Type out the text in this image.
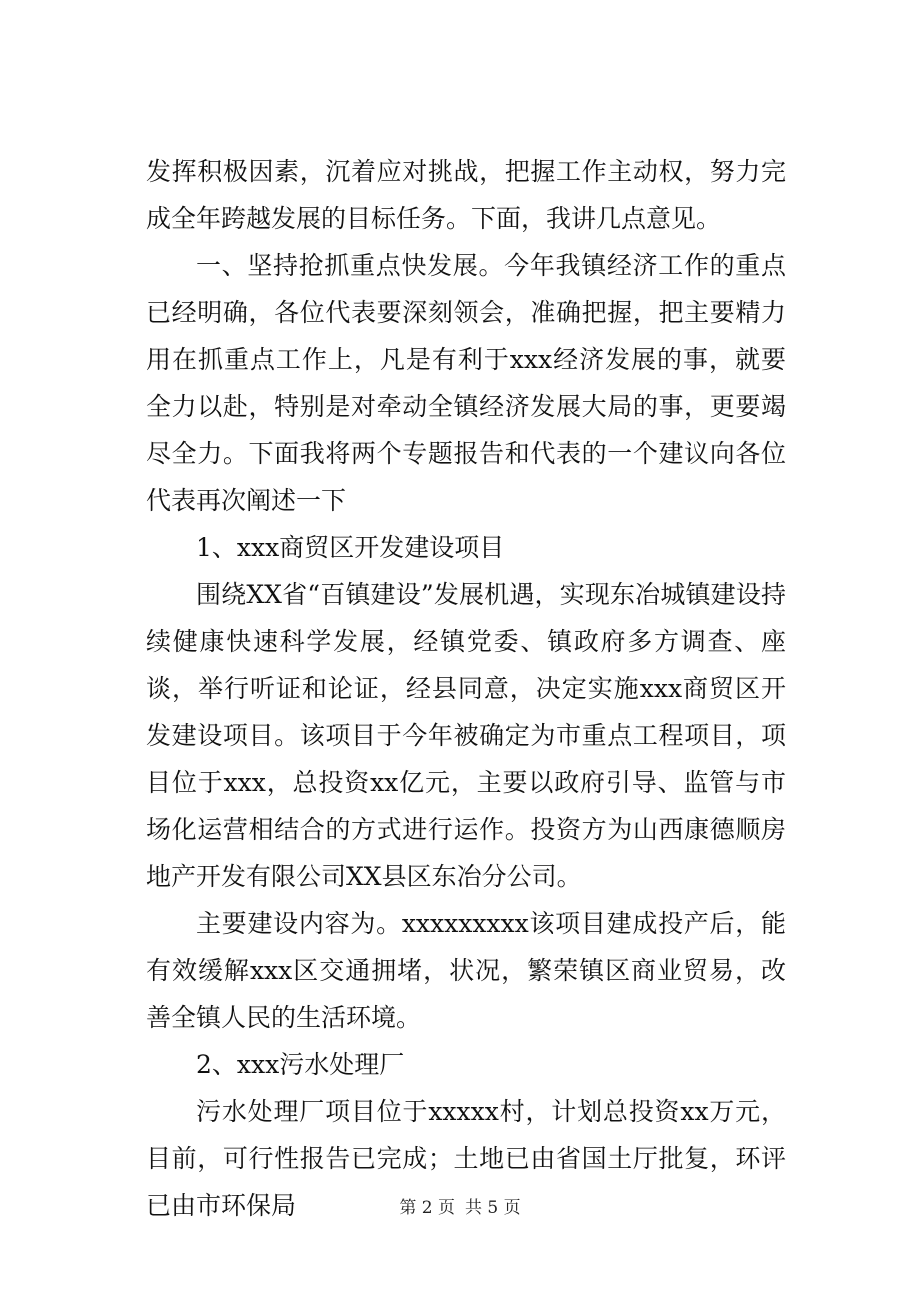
发挥积极因素，沉着应对挑战，把握工作主动权，努力完成全年跨越发展的目标任务。下面，我讲几点意见。

一、坚持抢抓重点快发展。今年我镇经济工作的重点已经明确，各位代表要深刻领会，准确把握，把主要精力用在抓重点工作上，凡是有利于xxx经济发展的事，就要全力以赴，特别是对牵动全镇经济发展大局的事，更要竭尽全力。下面我将两个专题报告和代表的一个建议向各位代表再次阐述一下

1、xxx商贸区开发建设项目

围绕XX省“百镇建设”发展机遇，实现东冶城镇建设持续健康快速科学发展，经镇党委、镇政府多方调查、座谈，举行听证和论证，经县同意，决定实施xxx商贸区开发建设项目。该项目于今年被确定为市重点工程项目，项目位于xxx，总投资xx亿元，主要以政府引导、监管与市场化运营相结合的方式进行运作。投资方为山西康德顺房地产开发有限公司XX县区东冶分公司。

主要建设内容为。xxxxxxxxx该项目建成投产后，能有效缓解xxx区交通拥堵，状况，繁荣镇区商业贸易，改善全镇人民的生活环境。

2、xxx污水处理厂

污水处理厂项目位于xxxxx村，计划总投资xx万元，目前，可行性报告已完成；土地已由省国土厅批复，环评已由市环保局	第 2 页 共 5 页
